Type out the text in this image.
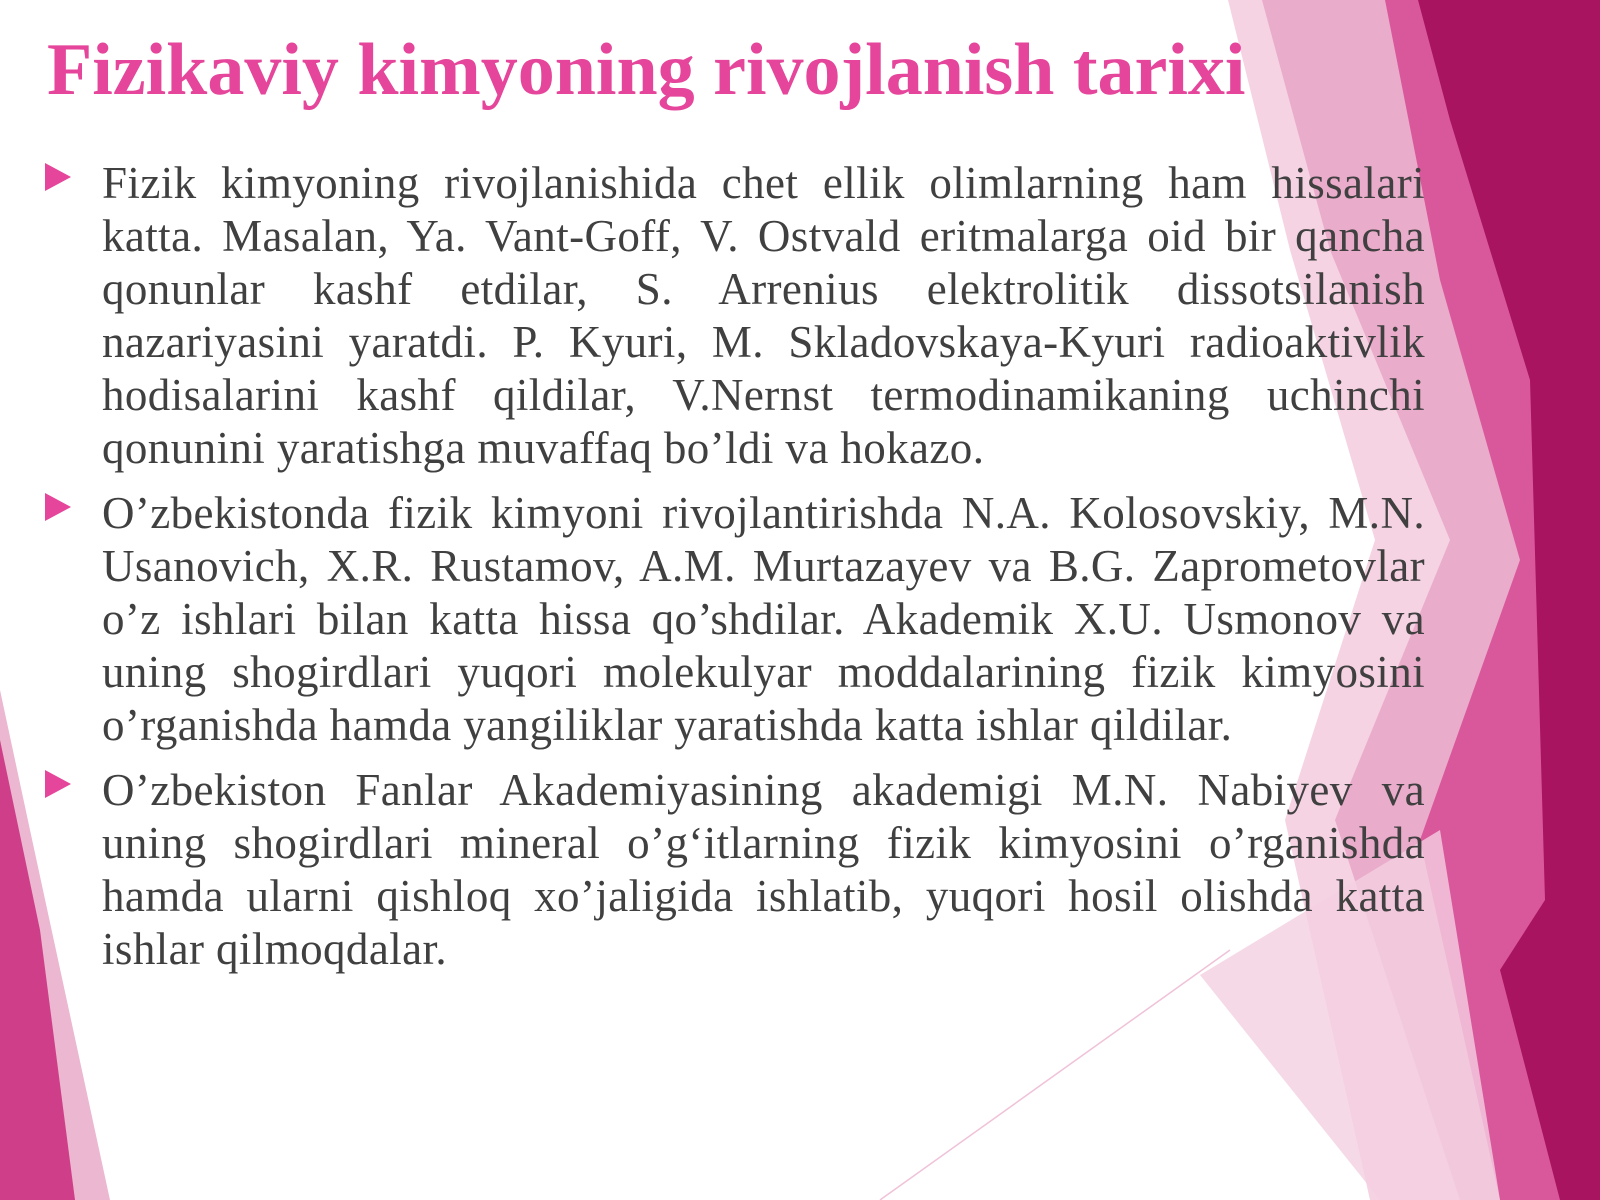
Fizikaviy kimyoning rivojlanish tarixi
Fizik kimyoning rivojlanishida chet ellik olimlarning ham hissalari katta. Masalan, Ya. Vant-Goff, V. Ostvald eritmalarga oid bir qancha qonunlar kashf etdilar, S. Arrenius elektrolitik dissotsilanish nazariyasini yaratdi. P. Kyuri, M. Skladovskaya-Kyuri radioaktivlik hodisalarini kashf qildilar, V.Nernst termodinamikaning uchinchi qonunini yaratishga muvaffaq bo’ldi va hokazo.
O’zbekistonda fizik kimyoni rivojlantirishda N.A. Kolosovskiy, M.N. Usanovich, X.R. Rustamov, A.M. Murtazayev va B.G. Zaprometovlar o’z ishlari bilan katta hissa qo’shdilar. Akademik X.U. Usmonov va uning shogirdlari yuqori molekulyar moddalarining fizik kimyosini o’rganishda hamda yangiliklar yaratishda katta ishlar qildilar.
O’zbekiston Fanlar Akademiyasining akademigi M.N. Nabiyev va uning shogirdlari mineral o’g‘itlarning fizik kimyosini o’rganishda hamda ularni qishloq xo’jaligida ishlatib, yuqori hosil olishda katta ishlar qilmoqdalar.
